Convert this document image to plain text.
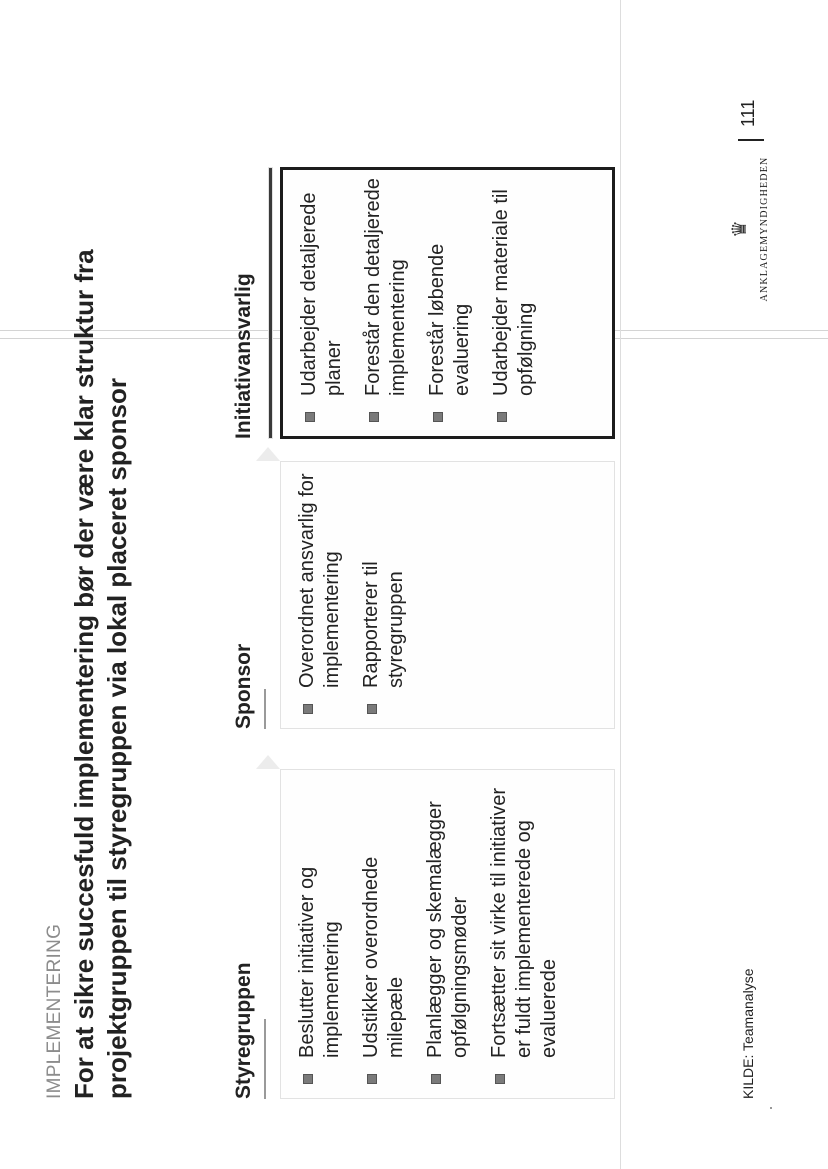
IMPLEMENTERING For at sikre succesfuld implementering bør der være klar struktur fra projektgruppen til styregruppen via lokal placeret sponsor	Styregruppen Beslutter initiativer og implementering Udstikker overordnede milepæle Planlægger og skemalægger opfølgningsmøder Fortsætter sit virke til initiativer er fuldt implementerede og evaluerede
Sponsor Overordnet ansvarlig for implementering Rapporterer til styregruppen
Initiativansvarlig Udarbejder detaljerede planer Forestår den detaljerede implementering Forestår løbende evaluering Udarbejder materiale til opfølgning
KILDE: Teamanalyse
♛ ANKLAGEMYNDIGHEDEN
111
